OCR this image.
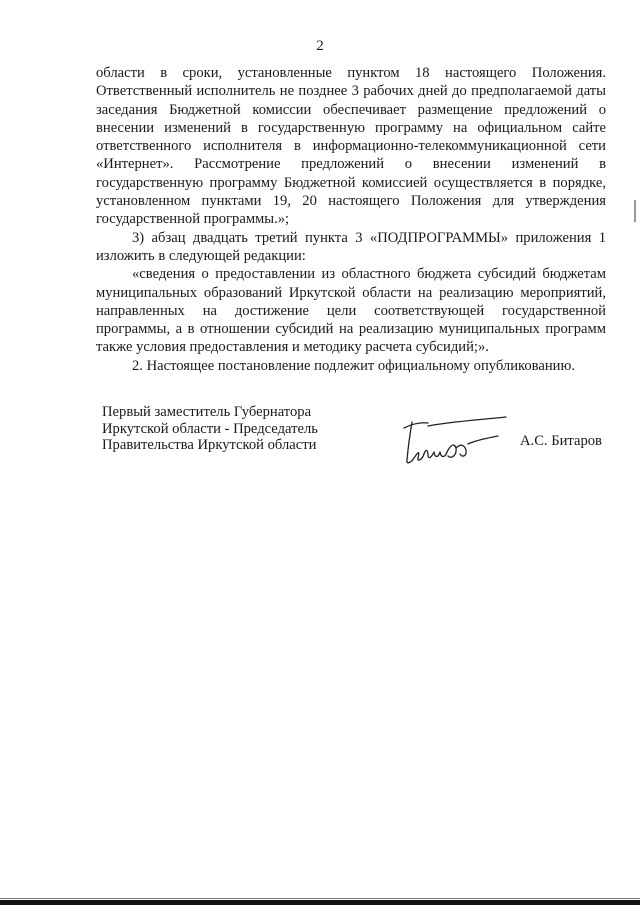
2

области в сроки, установленные пунктом 18 настоящего Положения. Ответственный исполнитель не позднее 3 рабочих дней до предполагаемой даты заседания Бюджетной комиссии обеспечивает размещение предложений о внесении изменений в государственную программу на официальном сайте ответственного исполнителя в информационно-телекоммуникационной сети «Интернет». Рассмотрение предложений о внесении изменений в государственную программу Бюджетной комиссией осуществляется в порядке, установленном пунктами 19, 20 настоящего Положения для утверждения государственной программы.»;

3) абзац двадцать третий пункта 3 «ПОДПРОГРАММЫ» приложения 1 изложить в следующей редакции:

«сведения о предоставлении из областного бюджета субсидий бюджетам муниципальных образований Иркутской области на реализацию мероприятий, направленных на достижение цели соответствующей государственной программы, а в отношении субсидий на реализацию муниципальных программ также условия предоставления и методику расчета субсидий;».

2. Настоящее постановление подлежит официальному опубликованию.

Первый заместитель Губернатора
Иркутской области - Председатель
Правительства Иркутской области	А.С. Битаров
